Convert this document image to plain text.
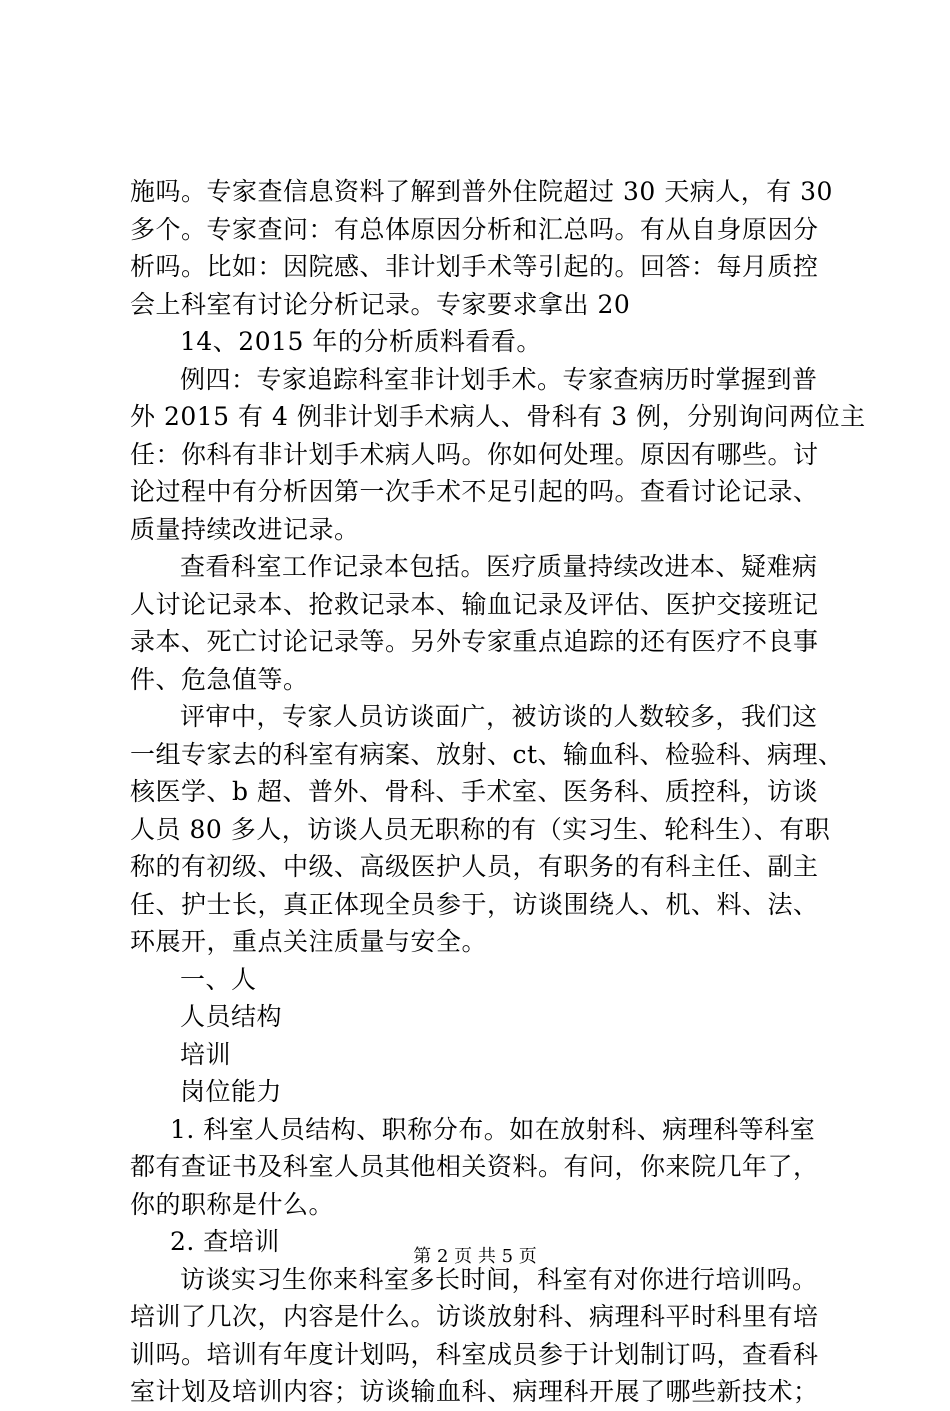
施吗。专家查信息资料了解到普外住院超过 30 天病人，有 30
多个。专家查问：有总体原因分析和汇总吗。有从自身原因分
析吗。比如：因院感、非计划手术等引起的。回答：每月质控
会上科室有讨论分析记录。专家要求拿出 20
14、2015 年的分析质料看看。
例四：专家追踪科室非计划手术。专家查病历时掌握到普
外 2015 有 4 例非计划手术病人、骨科有 3 例，分别询问两位主
任：你科有非计划手术病人吗。你如何处理。原因有哪些。讨
论过程中有分析因第一次手术不足引起的吗。查看讨论记录、
质量持续改进记录。
查看科室工作记录本包括。医疗质量持续改进本、疑难病
人讨论记录本、抢救记录本、输血记录及评估、医护交接班记
录本、死亡讨论记录等。另外专家重点追踪的还有医疗不良事
件、危急值等。
评审中，专家人员访谈面广，被访谈的人数较多，我们这
一组专家去的科室有病案、放射、ct、输血科、检验科、病理、
核医学、b 超、普外、骨科、手术室、医务科、质控科，访谈
人员 80 多人，访谈人员无职称的有（实习生、轮科生）、有职
称的有初级、中级、高级医护人员，有职务的有科主任、副主
任、护士长，真正体现全员参于，访谈围绕人、机、料、法、
环展开，重点关注质量与安全。
一、人
人员结构
培训
岗位能力
1. 科室人员结构、职称分布。如在放射科、病理科等科室
都有查证书及科室人员其他相关资料。有问，你来院几年了，
你的职称是什么。
2. 查培训
访谈实习生你来科室多长时间，科室有对你进行培训吗。
培训了几次，内容是什么。访谈放射科、病理科平时科里有培
训吗。培训有年度计划吗，科室成员参于计划制订吗，查看科
室计划及培训内容；访谈输血科、病理科开展了哪些新技术；
第 2 页 共 5 页
